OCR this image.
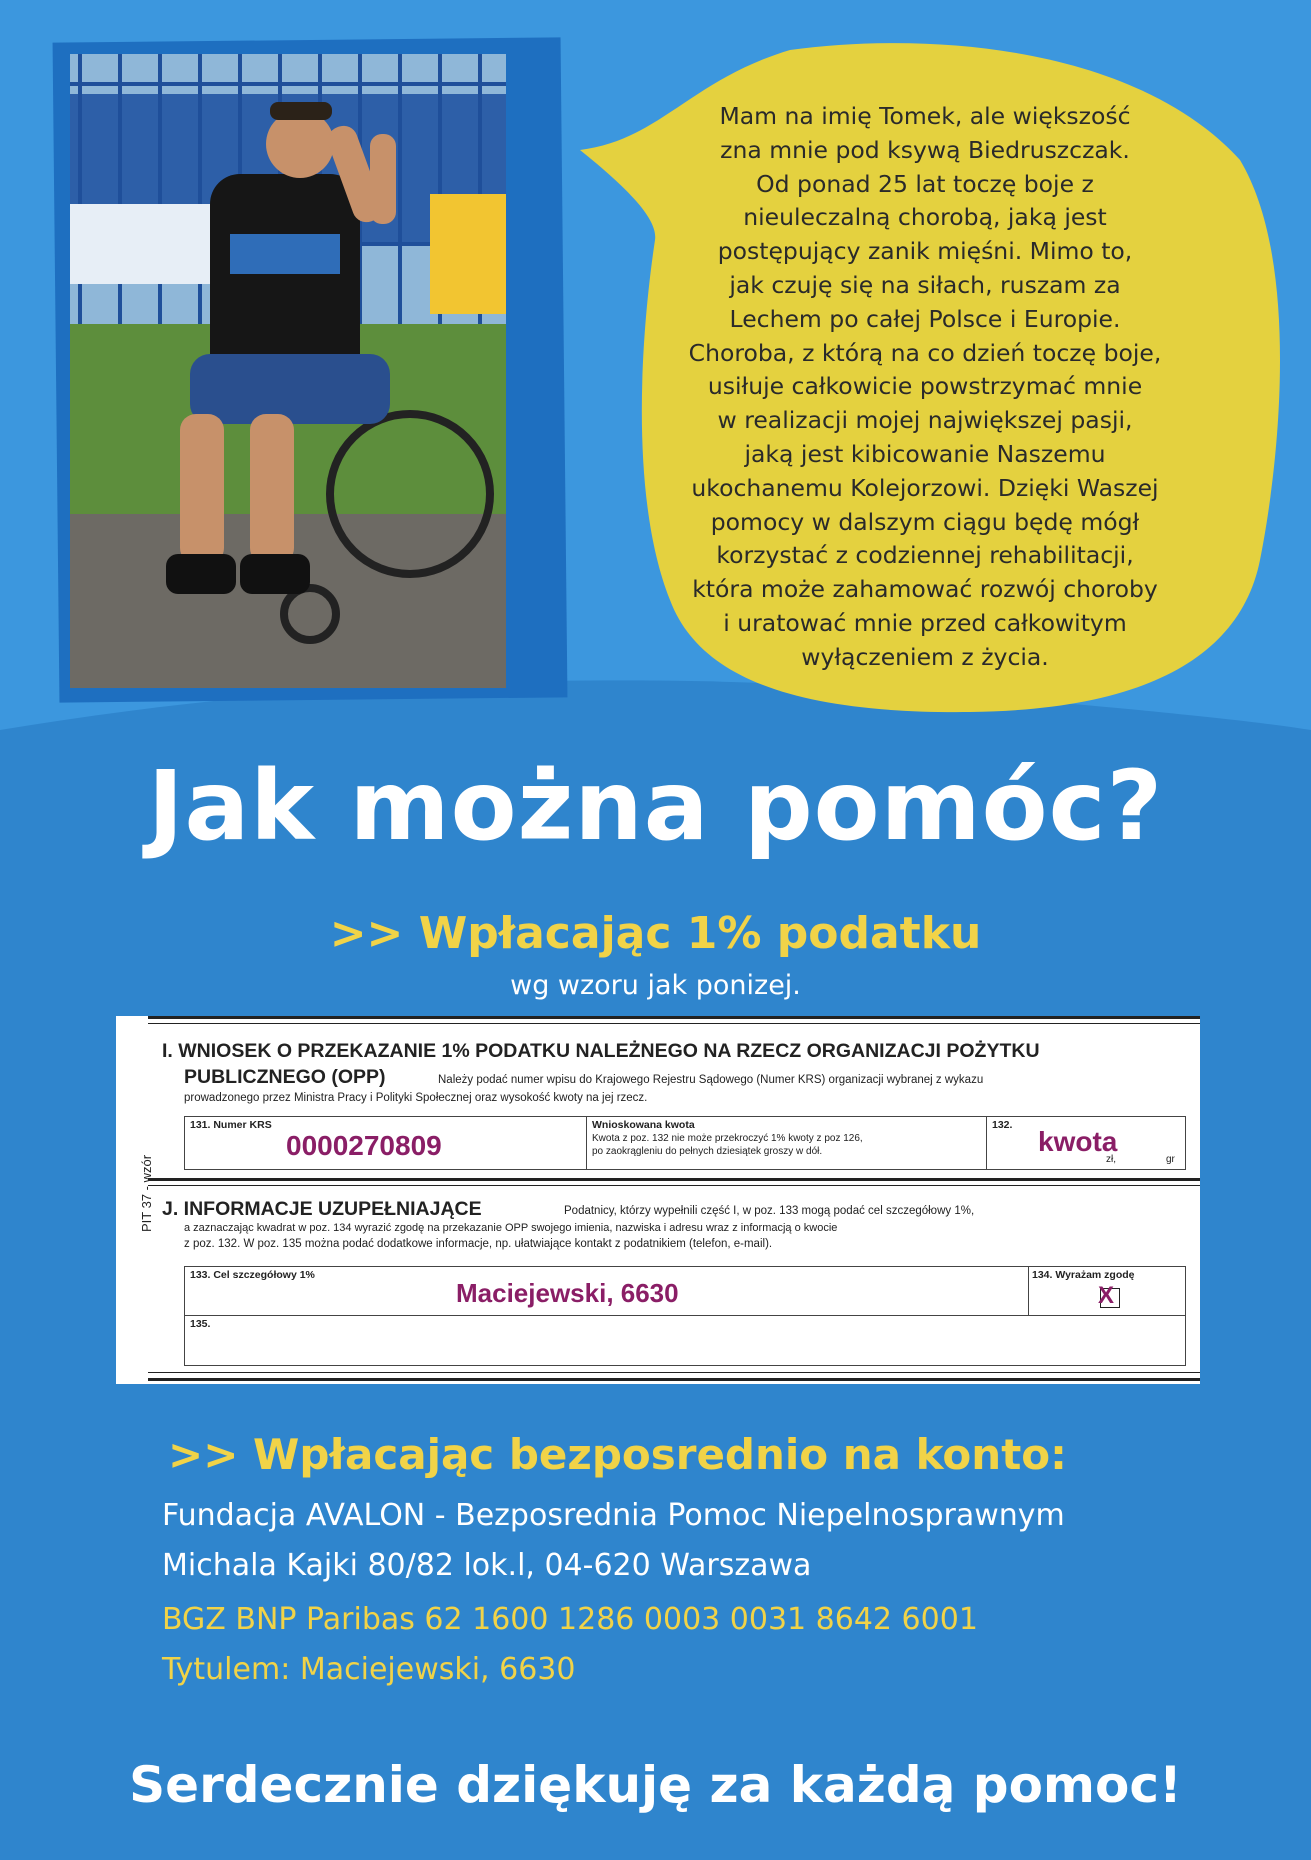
Mam na imię Tomek, ale większość
zna mnie pod ksywą Biedruszczak.
Od ponad 25 lat toczę boje z
nieuleczalną chorobą, jaką jest
postępujący zanik mięśni. Mimo to,
jak czuję się na siłach, ruszam za
Lechem po całej Polsce i Europie.
Choroba, z którą na co dzień toczę boje,
usiłuje całkowicie powstrzymać mnie
w realizacji mojej największej pasji,
jaką jest kibicowanie Naszemu
ukochanemu Kolejorzowi. Dzięki Waszej
pomocy w dalszym ciągu będę mógł
korzystać z codziennej rehabilitacji,
która może zahamować rozwój choroby
i uratować mnie przed całkowitym
wyłączeniem z życia.
Jak można pomóc?
>> Wpłacając 1% podatku
wg wzoru jak ponizej.
PIT 37 - wzór
I. WNIOSEK O PRZEKAZANIE 1% PODATKU NALEŻNEGO NA RZECZ ORGANIZACJI POŻYTKU
PUBLICZNEGO (OPP)	Należy podać numer wpisu do Krajowego Rejestru Sądowego (Numer KRS) organizacji wybranej z wykazu
prowadzonego przez Ministra Pracy i Polityki Społecznej oraz wysokość kwoty na jej rzecz.
131. Numer KRS
0000270809
Wnioskowana kwota
Kwota z poz. 132 nie może przekroczyć 1% kwoty z poz 126,
po zaokrągleniu do pełnych dziesiątek groszy w dół.
132.
kwota
zł,	gr
J. INFORMACJE UZUPEŁNIAJĄCE	Podatnicy, którzy wypełnili część I, w poz. 133 mogą podać cel szczegółowy 1%,
a zaznaczając kwadrat w poz. 134 wyrazić zgodę na przekazanie OPP swojego imienia, nazwiska i adresu wraz z informacją o kwocie
z poz. 132. W poz. 135 można podać dodatkowe informacje, np. ułatwiające kontakt z podatnikiem (telefon, e-mail).
133. Cel szczegółowy 1%
Maciejewski, 6630
134. Wyrażam zgodę
X
135.
>> Wpłacając bezposrednio na konto:
Fundacja AVALON - Bezposrednia Pomoc Niepelnosprawnym
Michala Kajki 80/82 lok.l, 04-620 Warszawa
BGZ BNP Paribas 62 1600 1286 0003 0031 8642 6001
Tytulem: Maciejewski, 6630
Serdecznie dziękuję za każdą pomoc!
